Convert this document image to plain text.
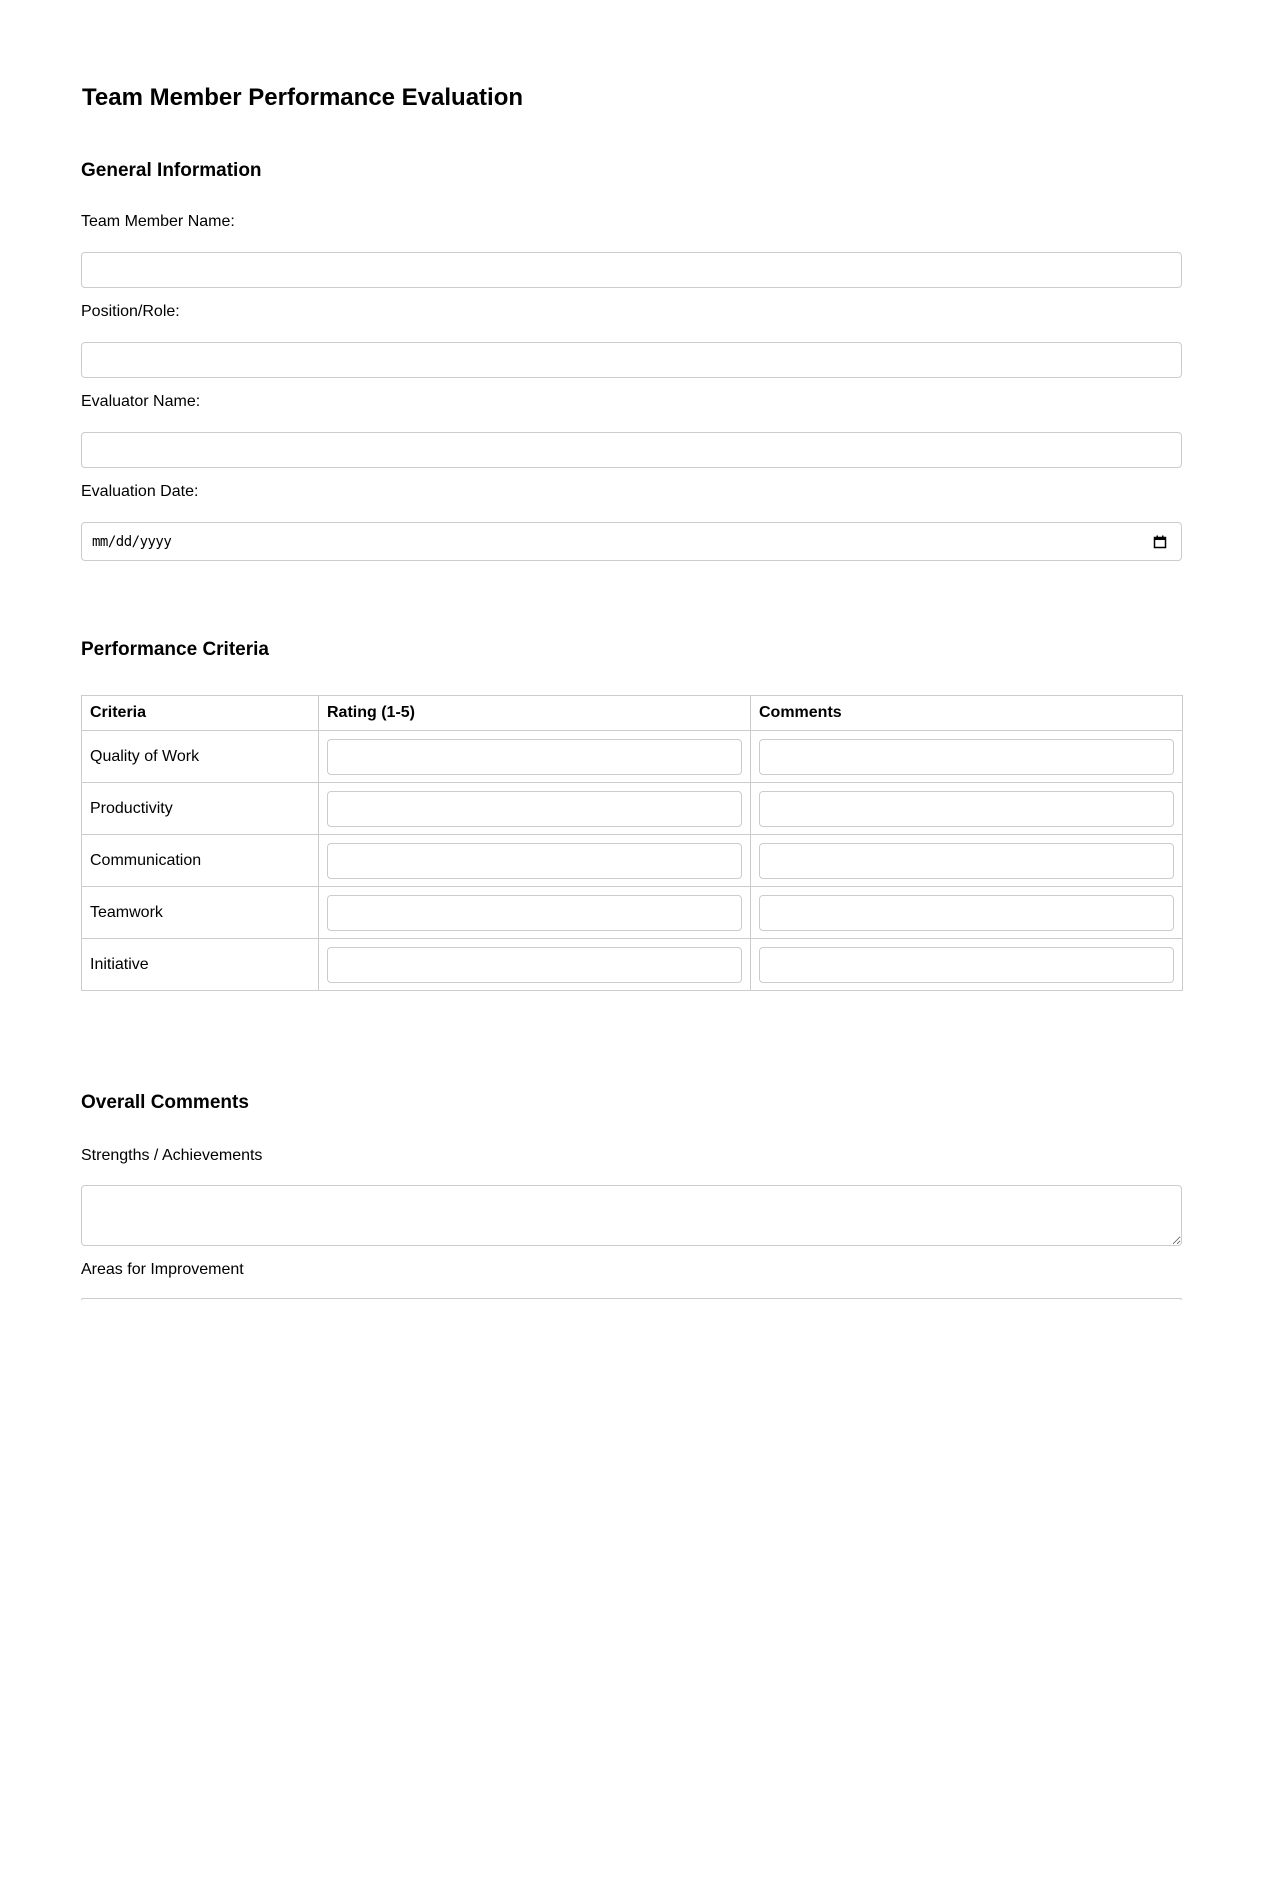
Team Member Performance Evaluation
General Information
Team Member Name:
Position/Role:
Evaluator Name:
Evaluation Date:
mm/dd/yyyy
Performance Criteria
Criteria	Rating (1-5)	Comments
Quality of Work	

Productivity	

Communication	

Teamwork	

Initiative	

Overall Comments
Strengths / Achievements
Areas for Improvement
